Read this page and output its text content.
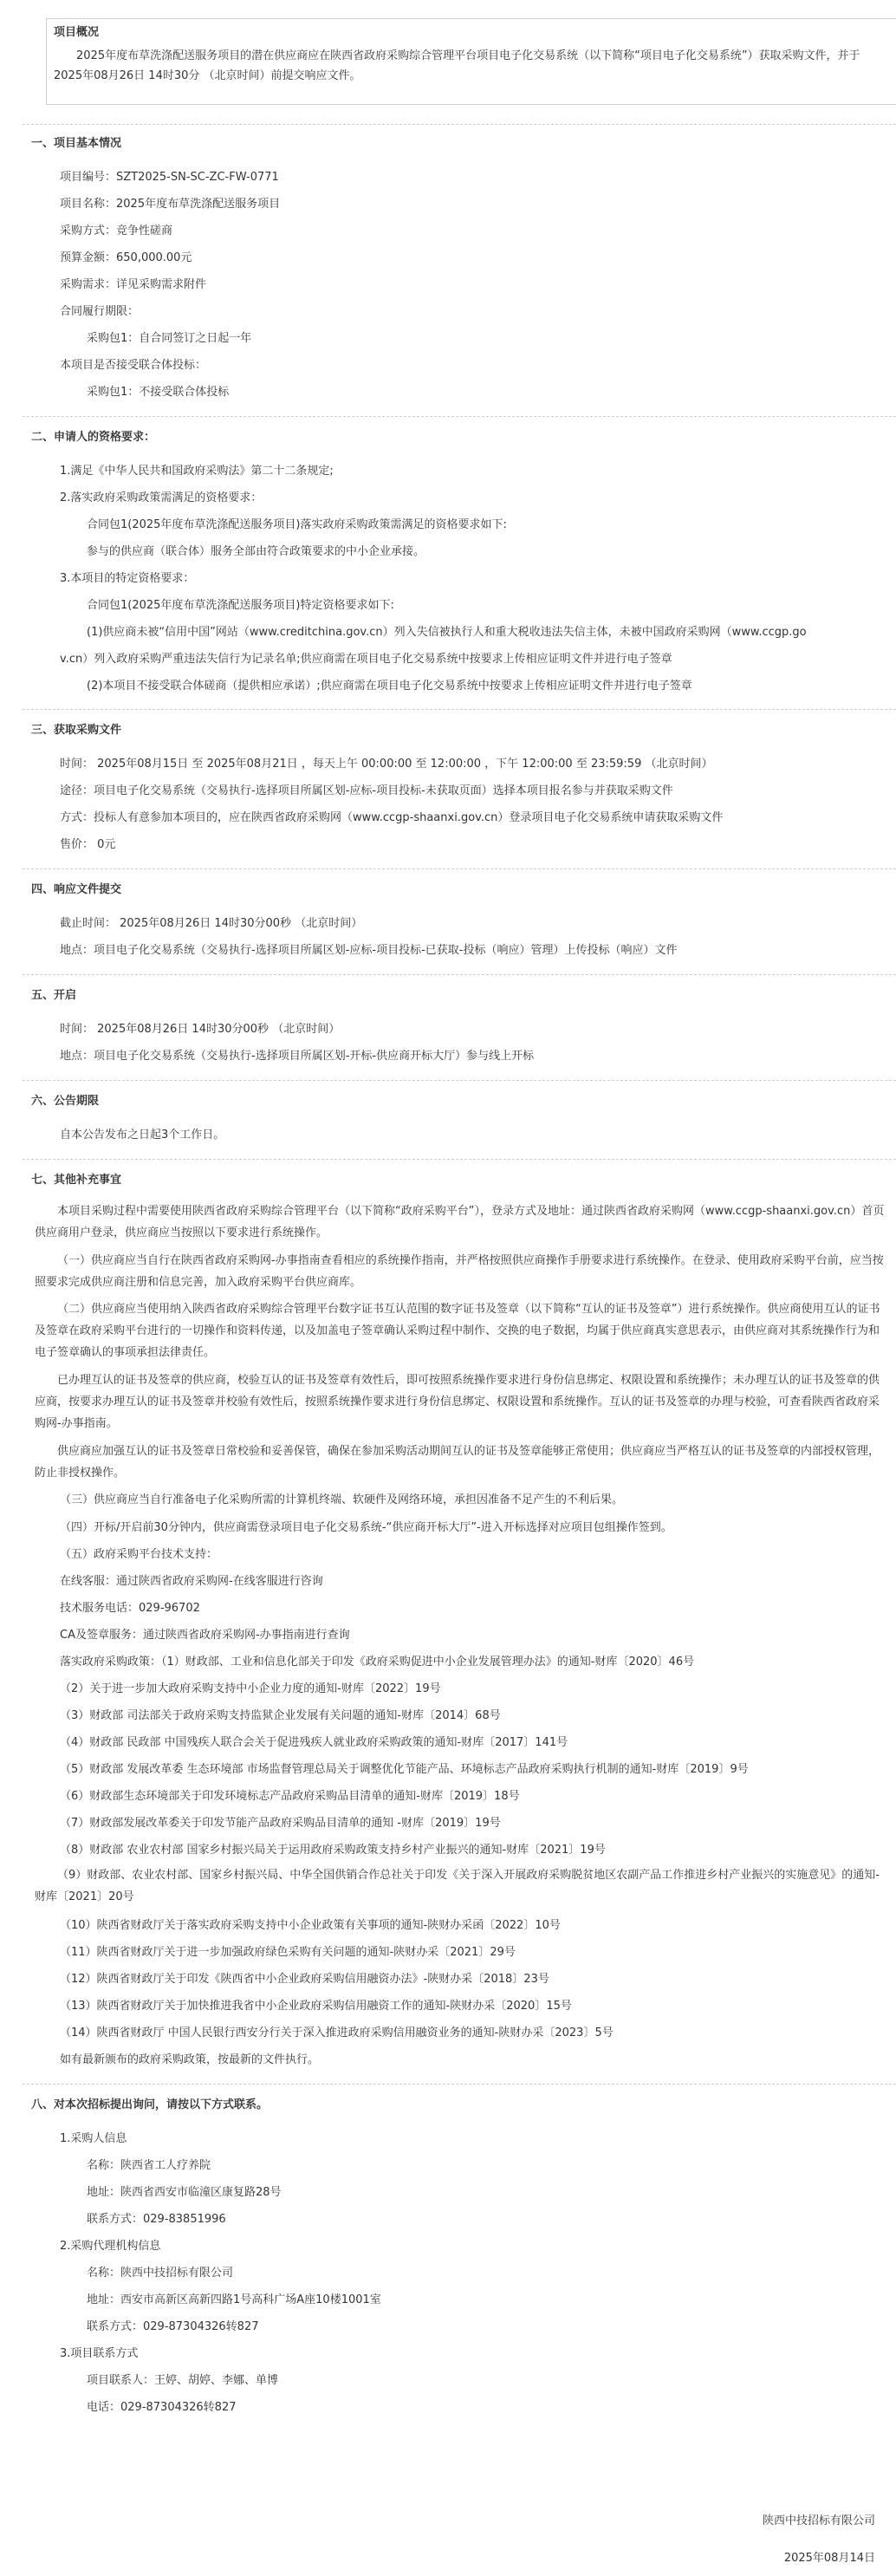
项目概况

2025年度布草洗涤配送服务项目的潜在供应商应在陕西省政府采购综合管理平台项目电子化交易系统（以下简称“项目电子化交易系统”）获取采购文件，并于 2025年08月26日 14时30分 （北京时间）前提交响应文件。

一、项目基本情况

项目编号：SZT2025-SN-SC-ZC-FW-0771

项目名称：2025年度布草洗涤配送服务项目

采购方式：竞争性磋商

预算金额：650,000.00元

采购需求：详见采购需求附件

合同履行期限：

采购包1：自合同签订之日起一年

本项目是否接受联合体投标：

采购包1：不接受联合体投标

二、申请人的资格要求：

1.满足《中华人民共和国政府采购法》第二十二条规定;

2.落实政府采购政策需满足的资格要求：

合同包1(2025年度布草洗涤配送服务项目)落实政府采购政策需满足的资格要求如下:

参与的供应商（联合体）服务全部由符合政策要求的中小企业承接。

3.本项目的特定资格要求：

合同包1(2025年度布草洗涤配送服务项目)特定资格要求如下:

(1)供应商未被“信用中国”网站（www.creditchina.gov.cn）列入失信被执行人和重大税收违法失信主体，未被中国政府采购网（www.ccgp.go

v.cn）列入政府采购严重违法失信行为记录名单;供应商需在项目电子化交易系统中按要求上传相应证明文件并进行电子签章

(2)本项目不接受联合体磋商（提供相应承诺）;供应商需在项目电子化交易系统中按要求上传相应证明文件并进行电子签章

三、获取采购文件

时间： 2025年08月15日 至 2025年08月21日 ，每天上午 00:00:00 至 12:00:00 ，下午 12:00:00 至 23:59:59 （北京时间）

途径：项目电子化交易系统（交易执行-选择项目所属区划-应标-项目投标-未获取页面）选择本项目报名参与并获取采购文件

方式：投标人有意参加本项目的，应在陕西省政府采购网（www.ccgp-shaanxi.gov.cn）登录项目电子化交易系统申请获取采购文件

售价： 0元

四、响应文件提交

截止时间： 2025年08月26日 14时30分00秒 （北京时间）

地点：项目电子化交易系统（交易执行-选择项目所属区划-应标-项目投标-已获取-投标（响应）管理）上传投标（响应）文件

五、开启

时间： 2025年08月26日 14时30分00秒 （北京时间）

地点：项目电子化交易系统（交易执行-选择项目所属区划-开标-供应商开标大厅）参与线上开标

六、公告期限

自本公告发布之日起3个工作日。

七、其他补充事宜

本项目采购过程中需要使用陕西省政府采购综合管理平台（以下简称“政府采购平台”），登录方式及地址：通过陕西省政府采购网（www.ccgp-shaanxi.gov.cn）首页供应商用户登录，供应商应当按照以下要求进行系统操作。

（一）供应商应当自行在陕西省政府采购网-办事指南查看相应的系统操作指南，并严格按照供应商操作手册要求进行系统操作。在登录、使用政府采购平台前，应当按照要求完成供应商注册和信息完善，加入政府采购平台供应商库。

（二）供应商应当使用纳入陕西省政府采购综合管理平台数字证书互认范围的数字证书及签章（以下简称“互认的证书及签章”）进行系统操作。供应商使用互认的证书及签章在政府采购平台进行的一切操作和资料传递，以及加盖电子签章确认采购过程中制作、交换的电子数据，均属于供应商真实意思表示，由供应商对其系统操作行为和电子签章确认的事项承担法律责任。

已办理互认的证书及签章的供应商，校验互认的证书及签章有效性后，即可按照系统操作要求进行身份信息绑定、权限设置和系统操作；未办理互认的证书及签章的供应商，按要求办理互认的证书及签章并校验有效性后，按照系统操作要求进行身份信息绑定、权限设置和系统操作。互认的证书及签章的办理与校验，可查看陕西省政府采购网-办事指南。

供应商应加强互认的证书及签章日常校验和妥善保管，确保在参加采购活动期间互认的证书及签章能够正常使用；供应商应当严格互认的证书及签章的内部授权管理，防止非授权操作。

（三）供应商应当自行准备电子化采购所需的计算机终端、软硬件及网络环境，承担因准备不足产生的不利后果。

（四）开标/开启前30分钟内，供应商需登录项目电子化交易系统-“供应商开标大厅”-进入开标选择对应项目包组操作签到。

（五）政府采购平台技术支持：

在线客服：通过陕西省政府采购网-在线客服进行咨询

技术服务电话：029-96702

CA及签章服务：通过陕西省政府采购网-办事指南进行查询

落实政府采购政策：（1）财政部、工业和信息化部关于印发《政府采购促进中小企业发展管理办法》的通知-财库〔2020〕46号

（2）关于进一步加大政府采购支持中小企业力度的通知-财库〔2022〕19号

（3）财政部 司法部关于政府采购支持监狱企业发展有关问题的通知-财库〔2014〕68号

（4）财政部 民政部 中国残疾人联合会关于促进残疾人就业政府采购政策的通知-财库〔2017〕141号

（5）财政部 发展改革委 生态环境部 市场监督管理总局关于调整优化节能产品、环境标志产品政府采购执行机制的通知-财库〔2019〕9号

（6）财政部生态环境部关于印发环境标志产品政府采购品目清单的通知-财库〔2019〕18号

（7）财政部发展改革委关于印发节能产品政府采购品目清单的通知 -财库〔2019〕19号

（8）财政部 农业农村部 国家乡村振兴局关于运用政府采购政策支持乡村产业振兴的通知-财库〔2021〕19号

（9）财政部、农业农村部、国家乡村振兴局、中华全国供销合作总社关于印发《关于深入开展政府采购脱贫地区农副产品工作推进乡村产业振兴的实施意见》的通知-财库〔2021〕20号

（10）陕西省财政厅关于落实政府采购支持中小企业政策有关事项的通知-陕财办采函〔2022〕10号

（11）陕西省财政厅关于进一步加强政府绿色采购有关问题的通知-陕财办采〔2021〕29号

（12）陕西省财政厅关于印发《陕西省中小企业政府采购信用融资办法》-陕财办采〔2018〕23号

（13）陕西省财政厅关于加快推进我省中小企业政府采购信用融资工作的通知-陕财办采〔2020〕15号

（14）陕西省财政厅 中国人民银行西安分行关于深入推进政府采购信用融资业务的通知-陕财办采〔2023〕5号

如有最新颁布的政府采购政策，按最新的文件执行。

八、对本次招标提出询问，请按以下方式联系。

1.采购人信息

名称：陕西省工人疗养院

地址：陕西省西安市临潼区康复路28号

联系方式：029-83851996

2.采购代理机构信息

名称：陕西中技招标有限公司

地址：西安市高新区高新四路1号高科广场A座10楼1001室

联系方式：029-87304326转827

3.项目联系方式

项目联系人：王婷、胡婷、李娜、单博

电话：029-87304326转827

陕西中技招标有限公司

2025年08月14日
